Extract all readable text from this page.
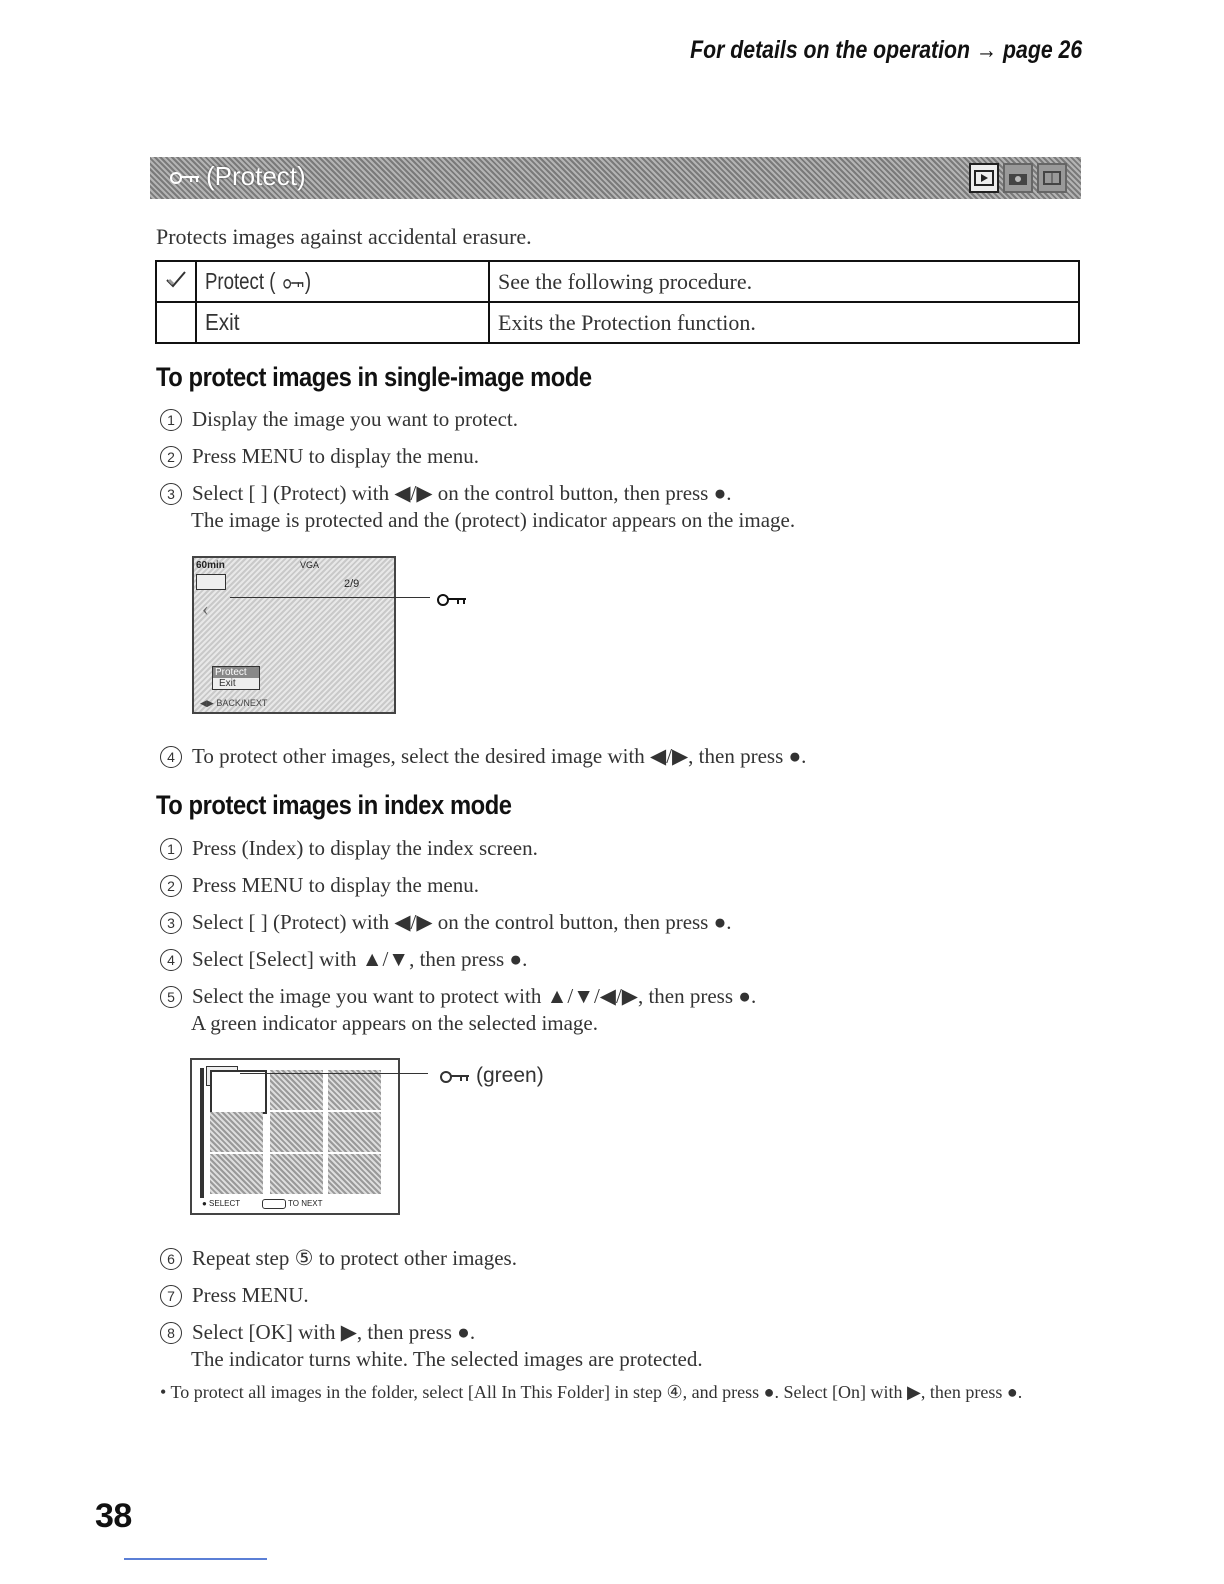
For details on the operation → page 26
(Protect)
Protects images against accidental erasure.
	Protect ( )	See the following procedure.
	Exit	Exits the Protection function.
To protect images in single-image mode
1 Display the image you want to protect.
2 Press MENU to display the menu.
3 Select [ ] (Protect) with ◀/▶ on the control button, then press ●.
The image is protected and the (protect) indicator appears on the image.
60min	VGA
2/9
‹
Protect
Exit
◀▶ BACK/NEXT
4 To protect other images, select the desired image with ◀/▶, then press ●.
To protect images in index mode
1 Press (Index) to display the index screen.
2 Press MENU to display the menu.
3 Select [ ] (Protect) with ◀/▶ on the control button, then press ●.
4 Select [Select] with ▲/▼, then press ●.
5 Select the image you want to protect with ▲/▼/◀/▶, then press ●.
A green indicator appears on the selected image.
● SELECT	TO NEXT
(green)
6 Repeat step ⑤ to protect other images.
7 Press MENU.
8 Select [OK] with ▶, then press ●.
The indicator turns white. The selected images are protected.
• To protect all images in the folder, select [All In This Folder] in step ④, and press ●. Select [On] with ▶, then press ●.
38
